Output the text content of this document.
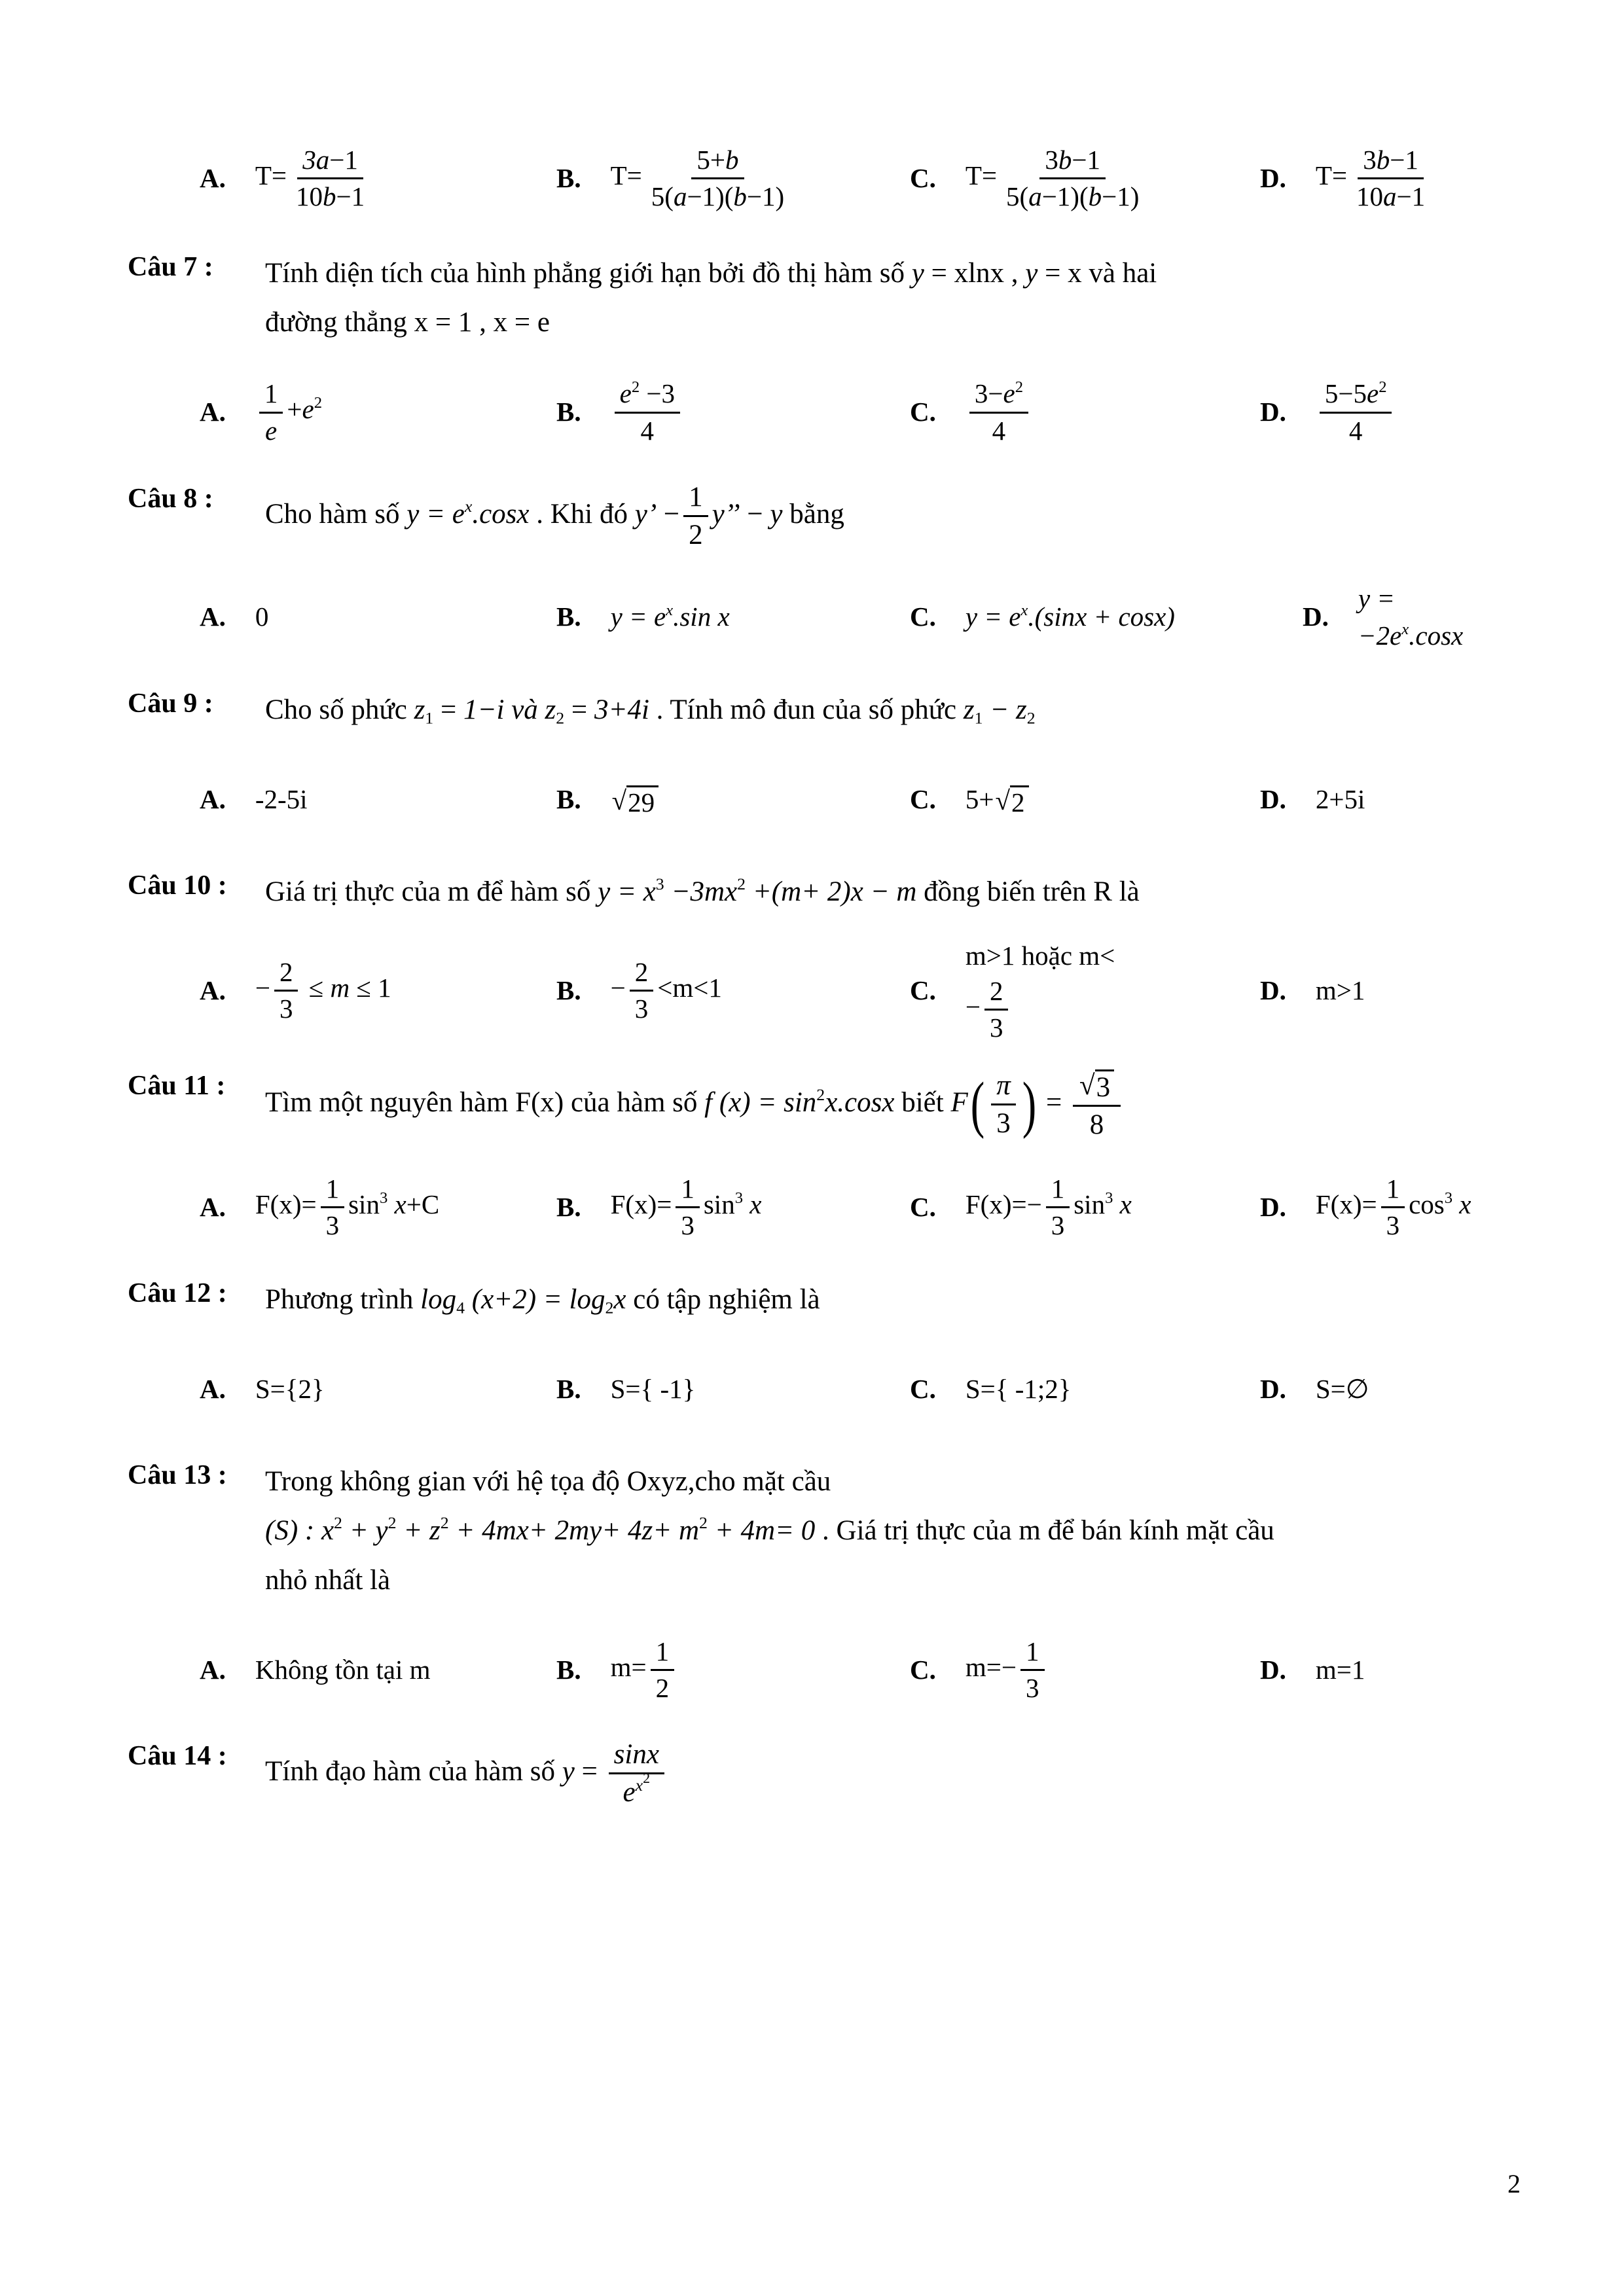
A. $T= \frac{3a-1}{10b-1}$	B. $T= \frac{5+b}{5(a-1)(b-1)}$	C. $T= \frac{3b-1}{5(a-1)(b-1)}$	D. $T= \frac{3b-1}{10a-1}$
Câu 7 :	Tính diện tích của hình phẳng giới hạn bởi đồ thị hàm số y = xlnx , y = x và hai
đường thẳng x = 1 , x = e
A. $\frac{1}{e} +e^2$	B. $\frac{e^2 -3}{4}$	C. $\frac{3-e^2}{4}$	D. $\frac{5-5e^2}{4}$
Câu 8 :	Cho hàm số $y = e^x.\cos x$ . Khi đó y’ − $\frac{1}{2} y$’’ − y bằng
A. 0	B. $y = e^x.\sin$ x	C. $y = e^x.(\sin x + \cos x)$	D.
$y = -2e^x.\cos x$
Câu 9 :	Cho số phức $z_1 = 1-i$ và $z_2 = 3+4i$ . Tính mô đun của số phức $z_1 - z_2$
A. -2-5i	B. √ 29	C. 5+ √ 2	D. 2+5i
Câu 10 :	Giá trị thực của m để hàm số $y = x^3 -3mx^2 +(m+ 2)x - m$ đồng biến trên R là
A. − $\frac{2}{3} \le m \le 1$	B. − $\frac{2}{3} <m<1$	C.
m>1 hoặc m<
− $\frac{2}{3}$	D. m>1
Câu 11 :
Tìm một nguyên hàm F(x) của hàm số f $(x) = \sin^2x.\cos x$ biết $F( \frac{\pi}{3}$ ) = √ $\frac{3}{8}$
A. $F(x)= \frac{1}{3} \sin^3 x+C$	B. $F(x)= \frac{1}{3} \sin^3 x$	C. $F(x)=- \frac{1}{3} \sin^3 x$	D. $F(x)= \frac{1}{3} \cos^3 x$
Câu 12 :	Phương trình $\log_4 (x+2) = \log_2x$ có tập nghiệm là
A. S={2}	B. S={ -1}	C. S={ -1;2}	D. S=∅
Câu 13 :	Trong không gian với hệ tọa độ Oxyz,cho mặt cầu
(S) : $x^2 + y^2 + z^2 + 4mx+ 2my+ 4z+ m^2 + 4m= 0$ . Giá trị thực của m để bán kính mặt cầu
nhỏ nhất là
A. Không tồn tại m	B. $m= \frac{1}{2}$	C. $m=- \frac{1}{3}$	D. m=1
Câu 14 :	Tính đạo hàm của hàm số $y = \frac{\sin x}{e^{x^2}}$
2
